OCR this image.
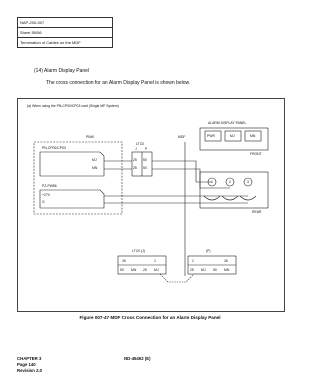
NAP-200-007
Sheet 55/56
Termination of Cables on the MDF
(14) Alarm Display Panel
The cross connection for an Alarm Display Panel is shown below.
(a) When using the PN-CP00/CP03 card (Single MP System)
PIM0	MDF
LTC0
J P
PN-CP00/CP03
MJ
MN
25 50
25 50
PZ-PW86
+27V
G
ALARM DISPLAY PANEL
PWR	MJ	MN
FRONT
REAR
1	2	3
LTC0 (J)	(P)
26	1
50 MN 25 MJ
1	26
25 MJ 50 MN
Figure 007-47 MDF Cross Connection for an Alarm Display Panel
CHAPTER 3
Page 140
Revision 2.0
ND-45492 (E)
